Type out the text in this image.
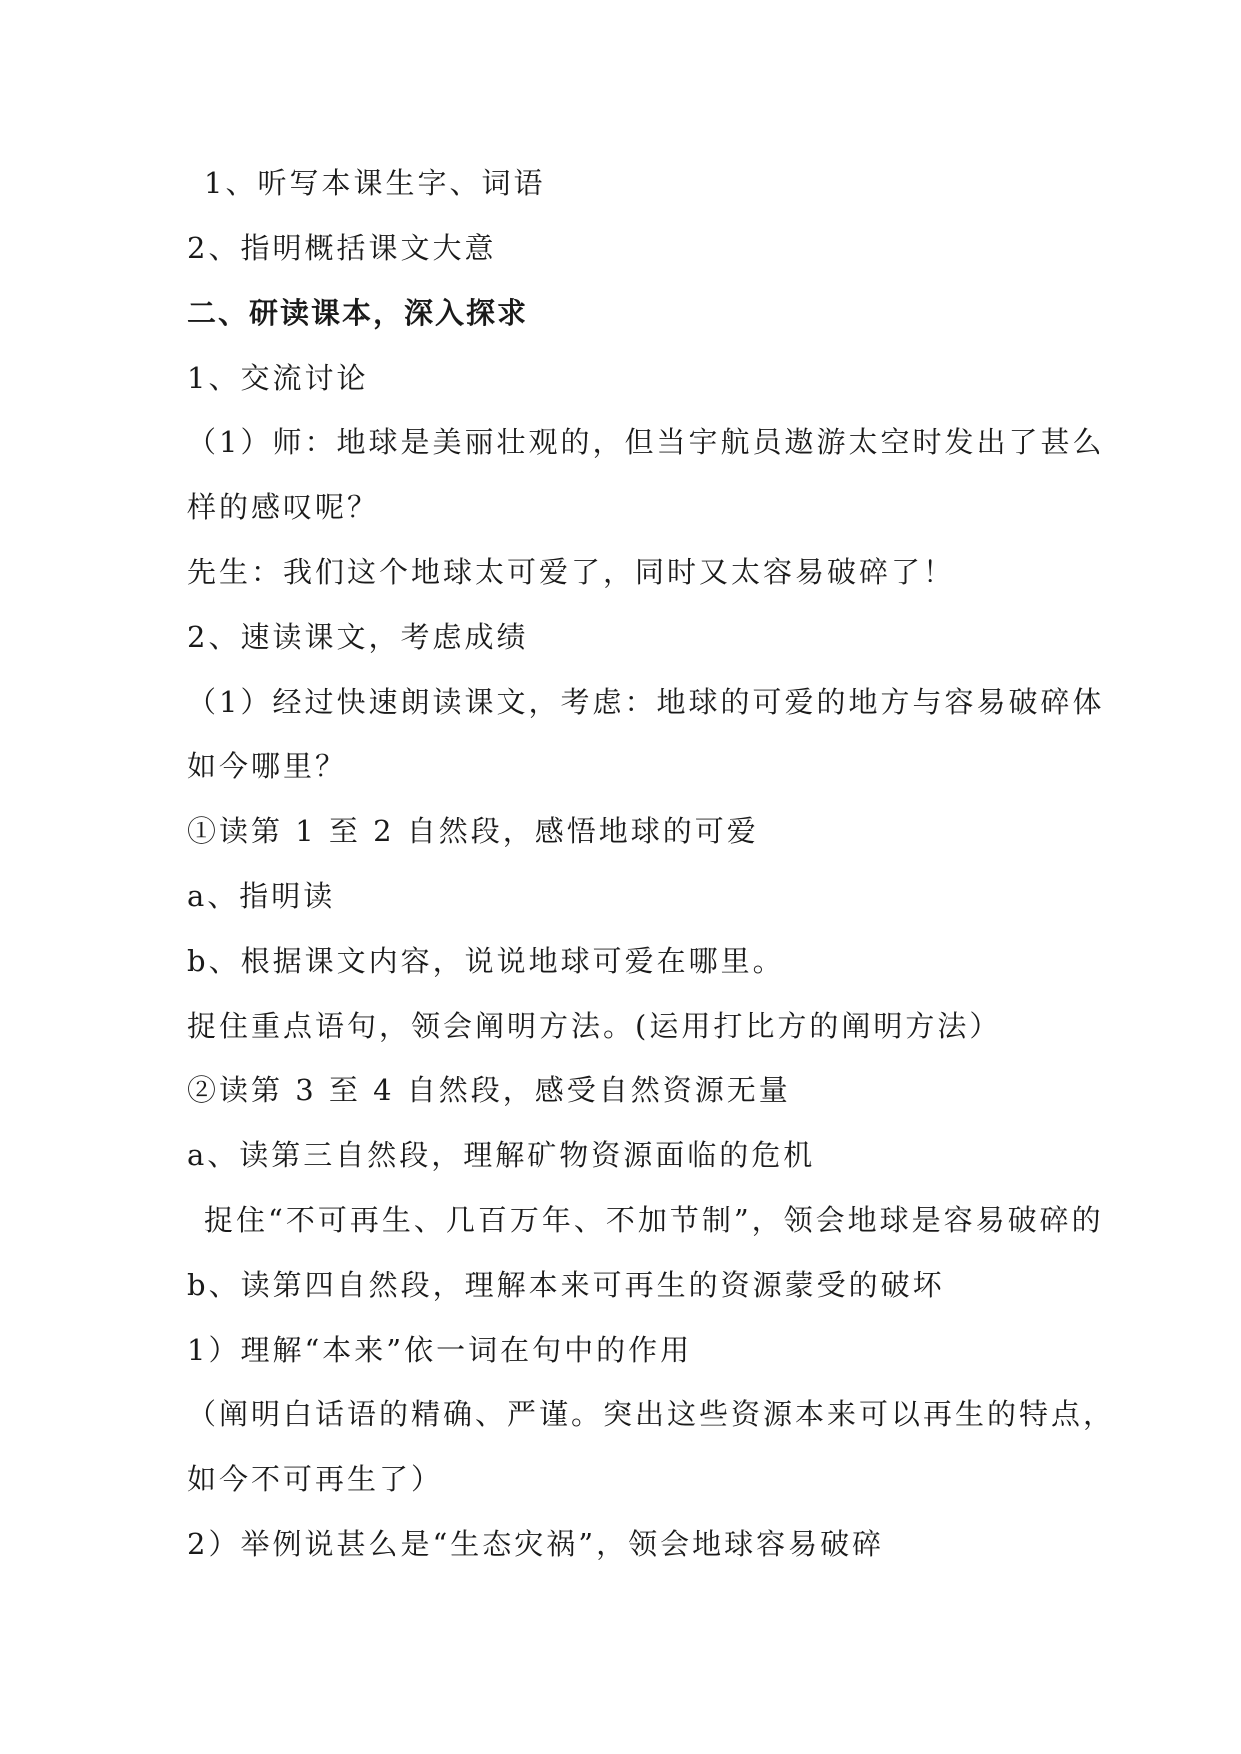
1、听写本课生字、词语
2、指明概括课文大意
二、研读课本，深入探求
1、交流讨论
（1）师：地球是美丽壮观的，但当宇航员遨游太空时发出了甚么
样的感叹呢？
先生：我们这个地球太可爱了，同时又太容易破碎了！
2、速读课文，考虑成绩
（1）经过快速朗读课文，考虑：地球的可爱的地方与容易破碎体
如今哪里？
①读第 1 至 2 自然段，感悟地球的可爱
a、指明读
b、根据课文内容，说说地球可爱在哪里。
捉住重点语句，领会阐明方法。(运用打比方的阐明方法）
②读第 3 至 4 自然段，感受自然资源无量
a、读第三自然段，理解矿物资源面临的危机
捉住“不可再生、几百万年、不加节制”，领会地球是容易破碎的
b、读第四自然段，理解本来可再生的资源蒙受的破坏
1）理解“本来”依一词在句中的作用
（阐明白话语的精确、严谨。突出这些资源本来可以再生的特点，
如今不可再生了）
2）举例说甚么是“生态灾祸”，领会地球容易破碎
